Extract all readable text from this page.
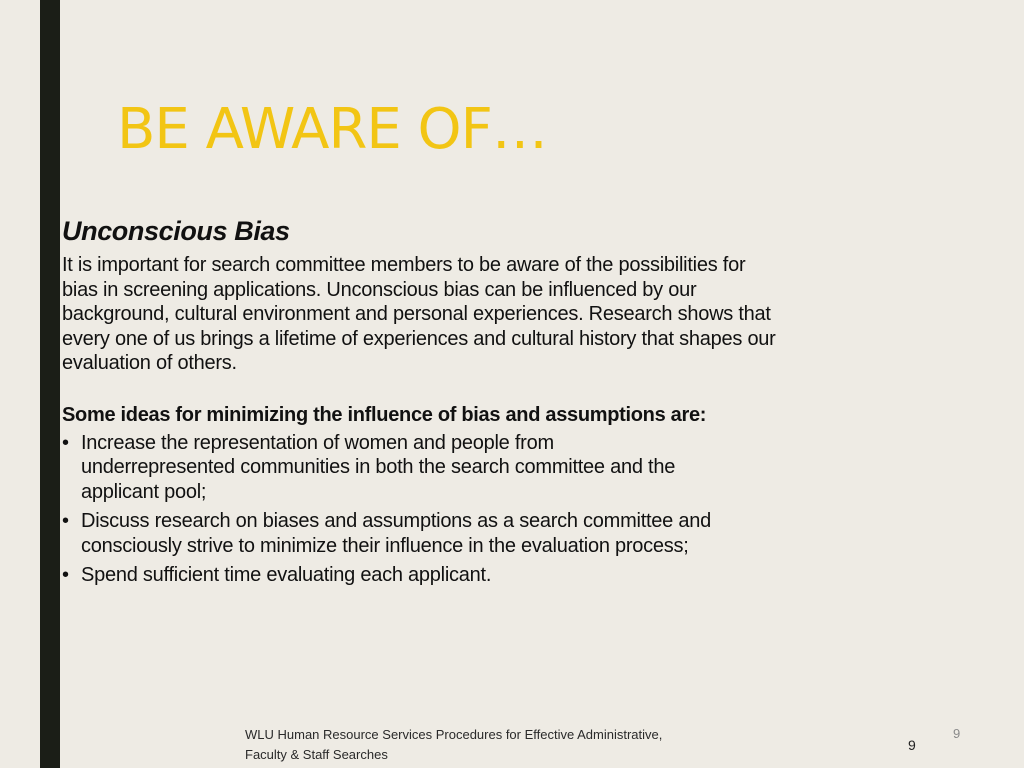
BE AWARE OF…
Unconscious Bias

It is important for search committee members to be aware of the possibilities for
bias in screening applications. Unconscious bias can be influenced by our
background, cultural environment and personal experiences. Research shows that
every one of us brings a lifetime of experiences and cultural history that shapes our
evaluation of others.

Some ideas for minimizing the influence of bias and assumptions are:

• Increase the representation of women and people from
underrepresented communities in both the search committee and the
applicant pool;
• Discuss research on biases and assumptions as a search committee and
consciously strive to minimize their influence in the evaluation process;
• Spend sufficient time evaluating each applicant.
WLU Human Resource Services Procedures for Effective Administrative,
Faculty & Staff Searches
9
9
